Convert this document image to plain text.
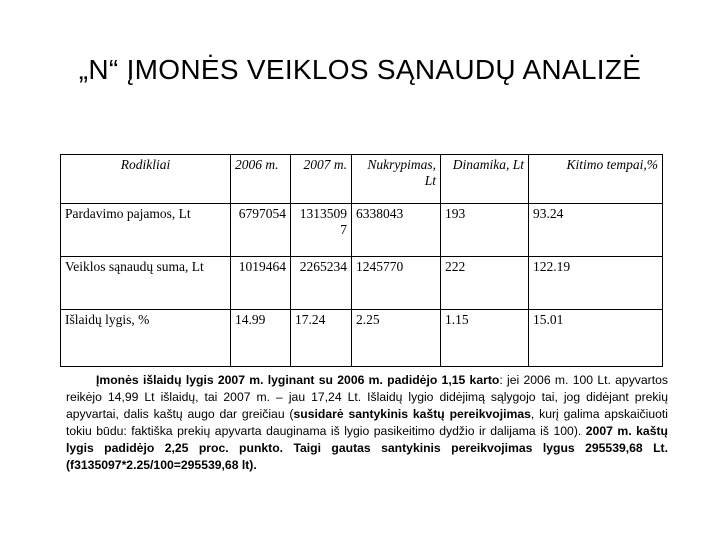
„N“ ĮMONĖS VEIKLOS SĄNAUDŲ ANALIZĖ
Rodikliai	2006 m.	2007 m.	Nukrypimas, Lt	Dinamika, Lt	Kitimo tempai,%
Pardavimo pajamos, Lt	6797054	13135097	6338043	193	93.24
Veiklos sąnaudų suma, Lt	1019464	2265234	1245770	222	122.19
Išlaidų lygis, %	14.99	17.24	2.25	1.15	15.01

Įmonės išlaidų lygis 2007 m. lyginant su 2006 m. padidėjo 1,15 karto: jei 2006 m. 100 Lt. apyvartos reikėjo 14,99 Lt išlaidų, tai 2007 m. – jau 17,24 Lt. Išlaidų lygio didėjimą sąlygojo tai, jog didėjant prekių apyvartai, dalis kaštų augo dar greičiau (susidarė santykinis kaštų pereikvojimas, kurį galima apskaičiuoti tokiu būdu: faktiška prekių apyvarta dauginama iš lygio pasikeitimo dydžio ir dalijama iš 100). 2007 m. kaštų lygis padidėjo 2,25 proc. punkto. Taigi gautas santykinis pereikvojimas lygus 295539,68 Lt. (f3135097*2.25/100=295539,68 lt).
